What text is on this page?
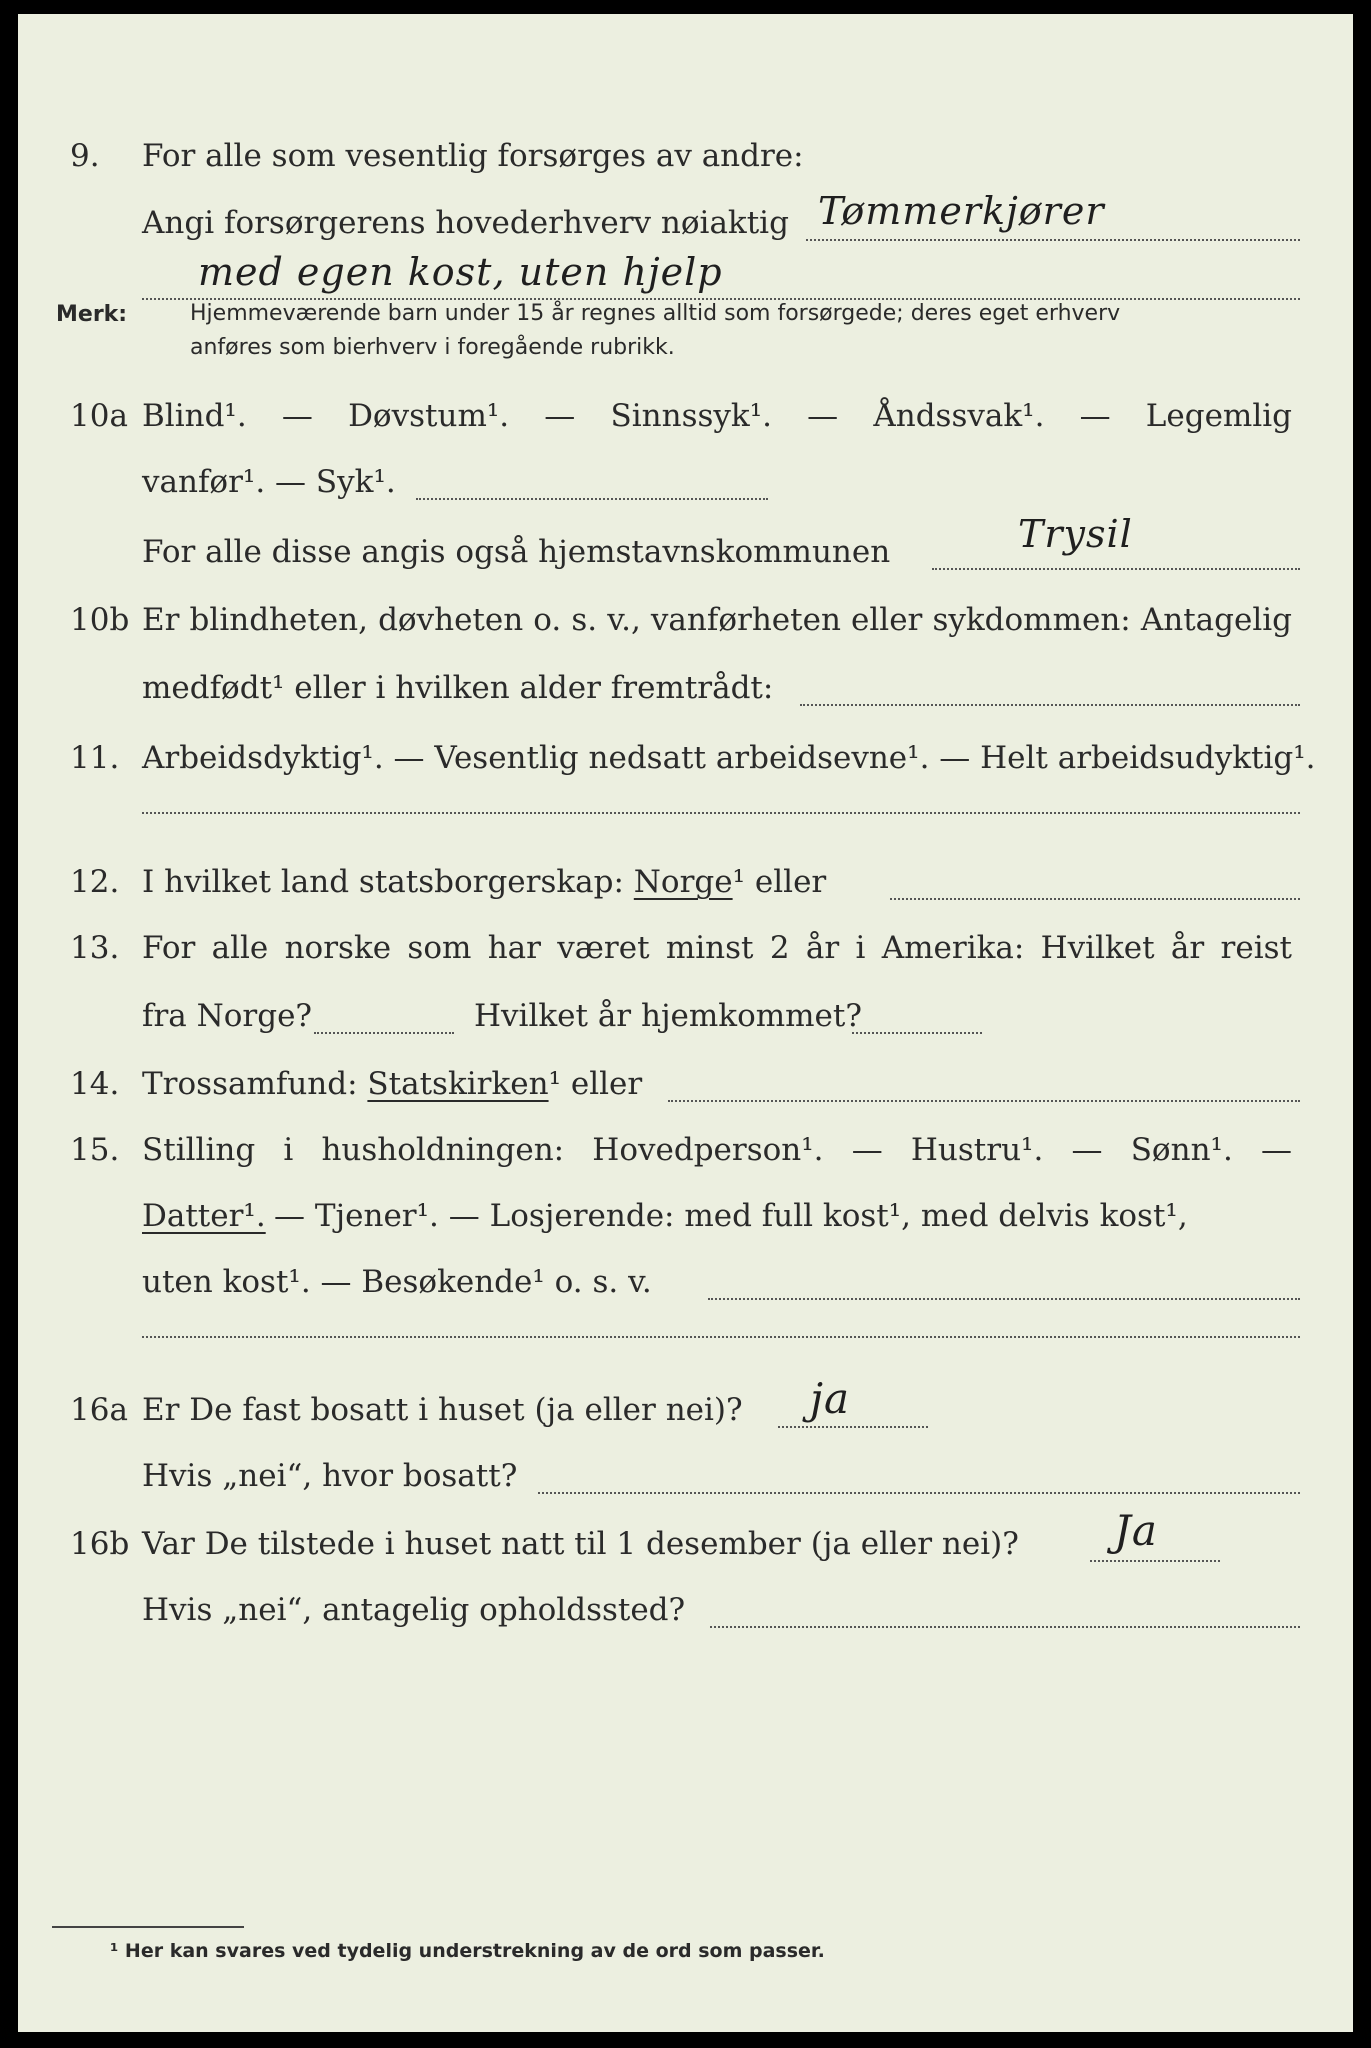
9. For alle som vesentlig forsørges av andre:
Angi forsørgerens hovederhverv nøiaktig Tømmerkjører
med egen kost, uten hjelp
Merk:	Hjemmeværende barn under 15 år regnes alltid som forsørgede; deres eget erhverv
anføres som bierhverv i foregående rubrikk.
10a Blind¹. — Døvstum¹. — Sinnssyk¹. — Åndssvak¹. — Legemlig
vanfør¹. — Syk¹.
For alle disse angis også hjemstavnskommunen	Trysil
10b Er blindheten, døvheten o. s. v., vanførheten eller sykdommen: Antagelig
medfødt¹ eller i hvilken alder fremtrådt:
11. Arbeidsdyktig¹. — Vesentlig nedsatt arbeidsevne¹. — Helt arbeidsudyktig¹.
12. I hvilket land statsborgerskap: Norge¹ eller
13. For alle norske som har været minst 2 år i Amerika: Hvilket år reist
fra Norge?	Hvilket år hjemkommet?
14. Trossamfund: Statskirken¹ eller
15. Stilling i husholdningen: Hovedperson¹. — Hustru¹. — Sønn¹. —
Datter¹. — Tjener¹. — Losjerende: med full kost¹, med delvis kost¹,
uten kost¹. — Besøkende¹ o. s. v.
16a Er De fast bosatt i huset (ja eller nei)? ja
Hvis „nei“, hvor bosatt?
16b Var De tilstede i huset natt til 1 desember (ja eller nei)? Ja
Hvis „nei“, antagelig opholdssted?
¹ Her kan svares ved tydelig understrekning av de ord som passer.
